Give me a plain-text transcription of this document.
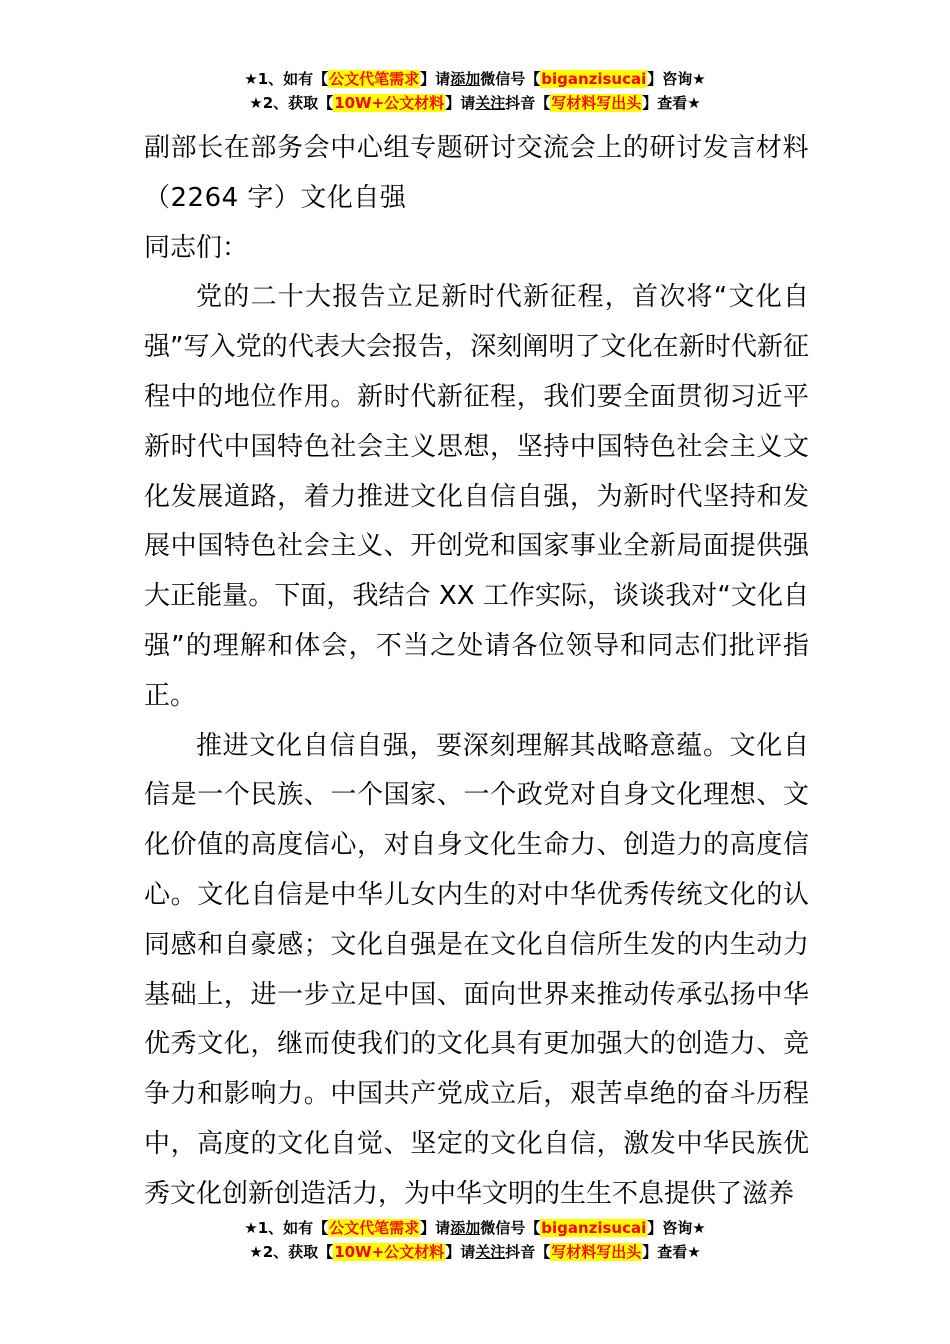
★1、如有【公文代笔需求】请添加微信号【biganzisucai】咨询★
★2、获取【10W+公文材料】请关注抖音【写材料写出头】查看★

副部长在部务会中心组专题研讨交流会上的研讨发言材料（2264 字）文化自强

同志们：

党的二十大报告立足新时代新征程，首次将“文化自强”写入党的代表大会报告，深刻阐明了文化在新时代新征程中的地位作用。新时代新征程，我们要全面贯彻习近平新时代中国特色社会主义思想，坚持中国特色社会主义文化发展道路，着力推进文化自信自强，为新时代坚持和发展中国特色社会主义、开创党和国家事业全新局面提供强大正能量。下面，我结合 XX 工作实际，谈谈我对“文化自强”的理解和体会，不当之处请各位领导和同志们批评指正。

推进文化自信自强，要深刻理解其战略意蕴。文化自信是一个民族、一个国家、一个政党对自身文化理想、文化价值的高度信心，对自身文化生命力、创造力的高度信心。文化自信是中华儿女内生的对中华优秀传统文化的认同感和自豪感；文化自强是在文化自信所生发的内生动力基础上，进一步立足中国、面向世界来推动传承弘扬中华优秀文化，继而使我们的文化具有更加强大的创造力、竞争力和影响力。中国共产党成立后，艰苦卓绝的奋斗历程中，高度的文化自觉、坚定的文化自信，激发中华民族优秀文化创新创造活力，为中华文明的生生不息提供了滋养

★1、如有【公文代笔需求】请添加微信号【biganzisucai】咨询★
★2、获取【10W+公文材料】请关注抖音【写材料写出头】查看★
